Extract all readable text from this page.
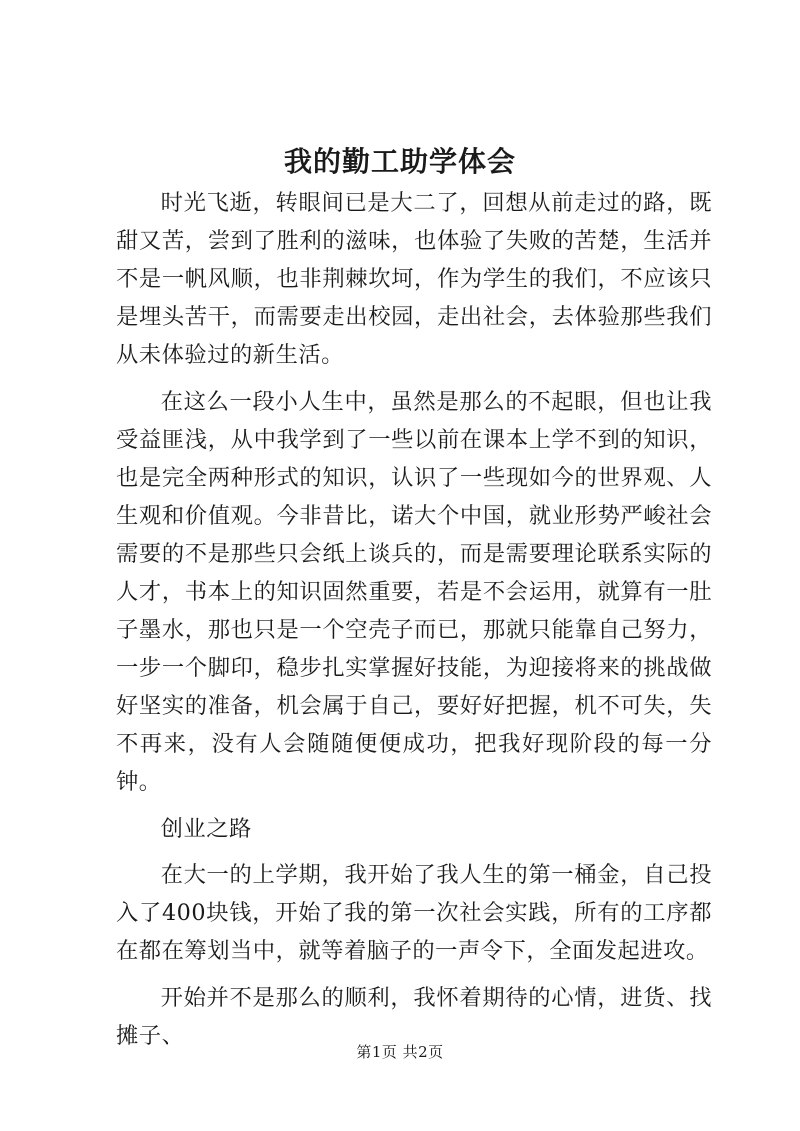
我的勤工助学体会

时光飞逝，转眼间已是大二了，回想从前走过的路，既甜又苦，尝到了胜利的滋味，也体验了失败的苦楚，生活并不是一帆风顺，也非荆棘坎坷，作为学生的我们，不应该只是埋头苦干，而需要走出校园，走出社会，去体验那些我们从未体验过的新生活。

在这么一段小人生中，虽然是那么的不起眼，但也让我受益匪浅，从中我学到了一些以前在课本上学不到的知识，也是完全两种形式的知识，认识了一些现如今的世界观、人生观和价值观。今非昔比，诺大个中国，就业形势严峻社会需要的不是那些只会纸上谈兵的，而是需要理论联系实际的人才，书本上的知识固然重要，若是不会运用，就算有一肚子墨水，那也只是一个空壳子而已，那就只能靠自己努力，一步一个脚印，稳步扎实掌握好技能，为迎接将来的挑战做好坚实的准备，机会属于自己，要好好把握，机不可失，失不再来，没有人会随随便便成功，把我好现阶段的每一分钟。

创业之路

在大一的上学期，我开始了我人生的第一桶金，自己投入了400块钱，开始了我的第一次社会实践，所有的工序都在都在筹划当中，就等着脑子的一声令下，全面发起进攻。

开始并不是那么的顺利，我怀着期待的心情，进货、找摊子、

第1页 共2页
